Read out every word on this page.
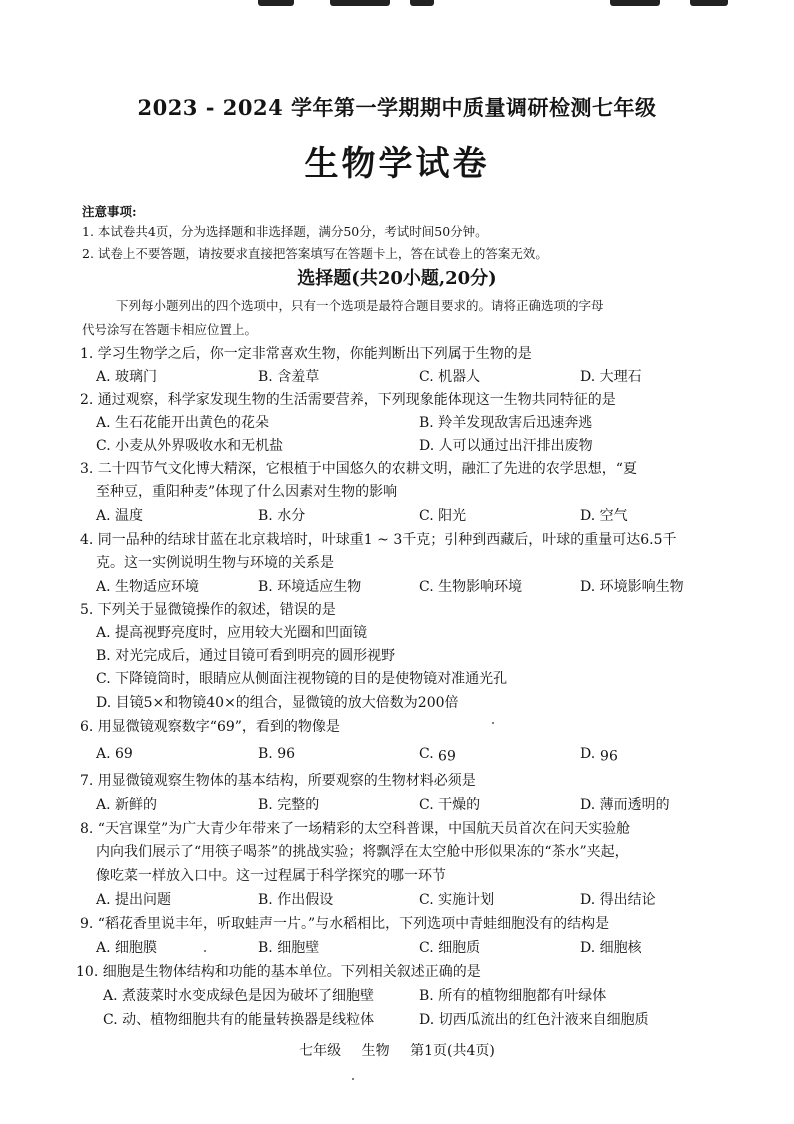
2023 - 2024 学年第一学期期中质量调研检测七年级
生物学试卷
注意事项:
1. 本试卷共4页，分为选择题和非选择题，满分50分，考试时间50分钟。
2. 试卷上不要答题，请按要求直接把答案填写在答题卡上，答在试卷上的答案无效。
选择题(共20小题,20分)
下列每小题列出的四个选项中，只有一个选项是最符合题目要求的。请将正确选项的字母
代号涂写在答题卡相应位置上。
1. 学习生物学之后，你一定非常喜欢生物，你能判断出下列属于生物的是
A. 玻璃门	B. 含羞草	C. 机器人	D. 大理石
2. 通过观察，科学家发现生物的生活需要营养，下列现象能体现这一生物共同特征的是
A. 生石花能开出黄色的花朵	B. 羚羊发现敌害后迅速奔逃
C. 小麦从外界吸收水和无机盐	D. 人可以通过出汗排出废物
3. 二十四节气文化博大精深，它根植于中国悠久的农耕文明，融汇了先进的农学思想，“夏
至种豆，重阳种麦”体现了什么因素对生物的影响
A. 温度	B. 水分	C. 阳光	D. 空气
4. 同一品种的结球甘蓝在北京栽培时，叶球重1 ~ 3千克；引种到西藏后，叶球的重量可达6.5千
克。这一实例说明生物与环境的关系是
A. 生物适应环境	B. 环境适应生物	C. 生物影响环境	D. 环境影响生物
5. 下列关于显微镜操作的叙述，错误的是
A. 提高视野亮度时，应用较大光圈和凹面镜
B. 对光完成后，通过目镜可看到明亮的圆形视野
C. 下降镜筒时，眼睛应从侧面注视物镜的目的是使物镜对准通光孔
D. 目镜5×和物镜40×的组合，显微镜的放大倍数为200倍
6. 用显微镜观察数字“69”，看到的物像是
A. 69	B. 96	C. 69	D. 96
7. 用显微镜观察生物体的基本结构，所要观察的生物材料必须是
A. 新鲜的	B. 完整的	C. 干燥的	D. 薄而透明的
8. “天宫课堂”为广大青少年带来了一场精彩的太空科普课，中国航天员首次在问天实验舱
内向我们展示了“用筷子喝茶”的挑战实验；将飘浮在太空舱中形似果冻的“茶水”夹起，
像吃菜一样放入口中。这一过程属于科学探究的哪一环节
A. 提出问题	B. 作出假设	C. 实施计划	D. 得出结论
9. “稻花香里说丰年，听取蛙声一片。”与水稻相比，下列选项中青蛙细胞没有的结构是
A. 细胞膜	B. 细胞壁	C. 细胞质	D. 细胞核
10. 细胞是生物体结构和功能的基本单位。下列相关叙述正确的是
A. 煮菠菜时水变成绿色是因为破坏了细胞壁	B. 所有的植物细胞都有叶绿体
C. 动、植物细胞共有的能量转换器是线粒体	D. 切西瓜流出的红色汁液来自细胞质
七年级 生物 第1页(共4页)
